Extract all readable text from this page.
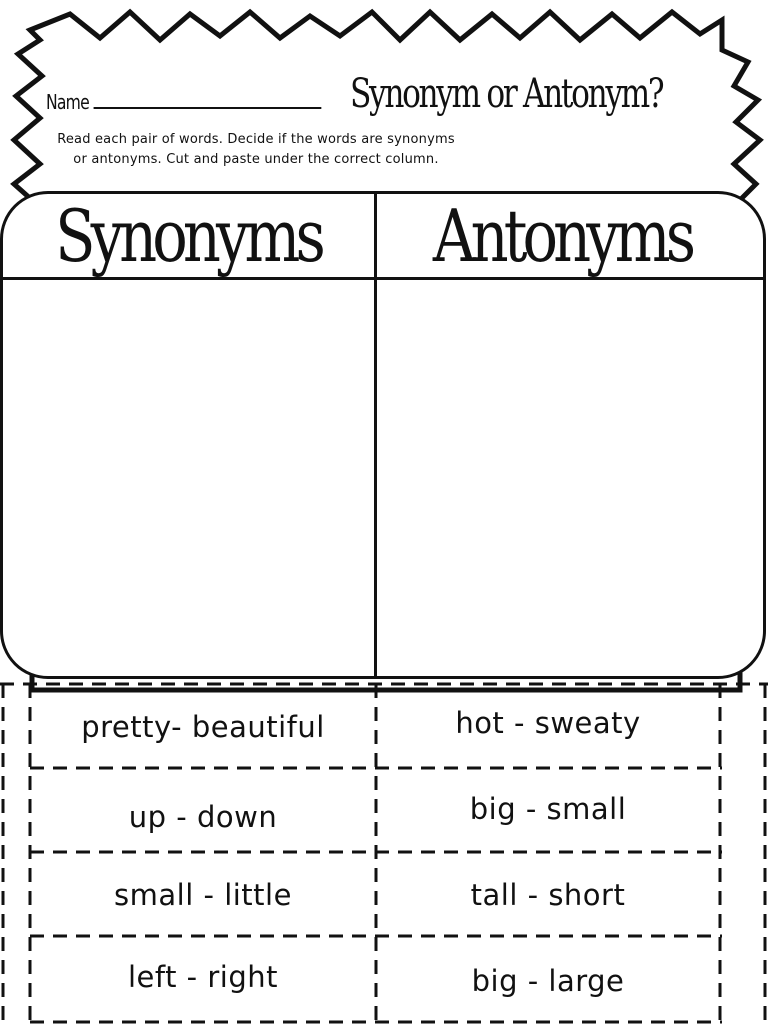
Name	Synonym or Antonym?
Read each pair of words. Decide if the words are synonyms or antonyms. Cut and paste under the correct column.
Synonyms	Antonyms
pretty- beautiful	hot - sweaty
up - down	big - small
small - little	tall - short
left - right	big - large
